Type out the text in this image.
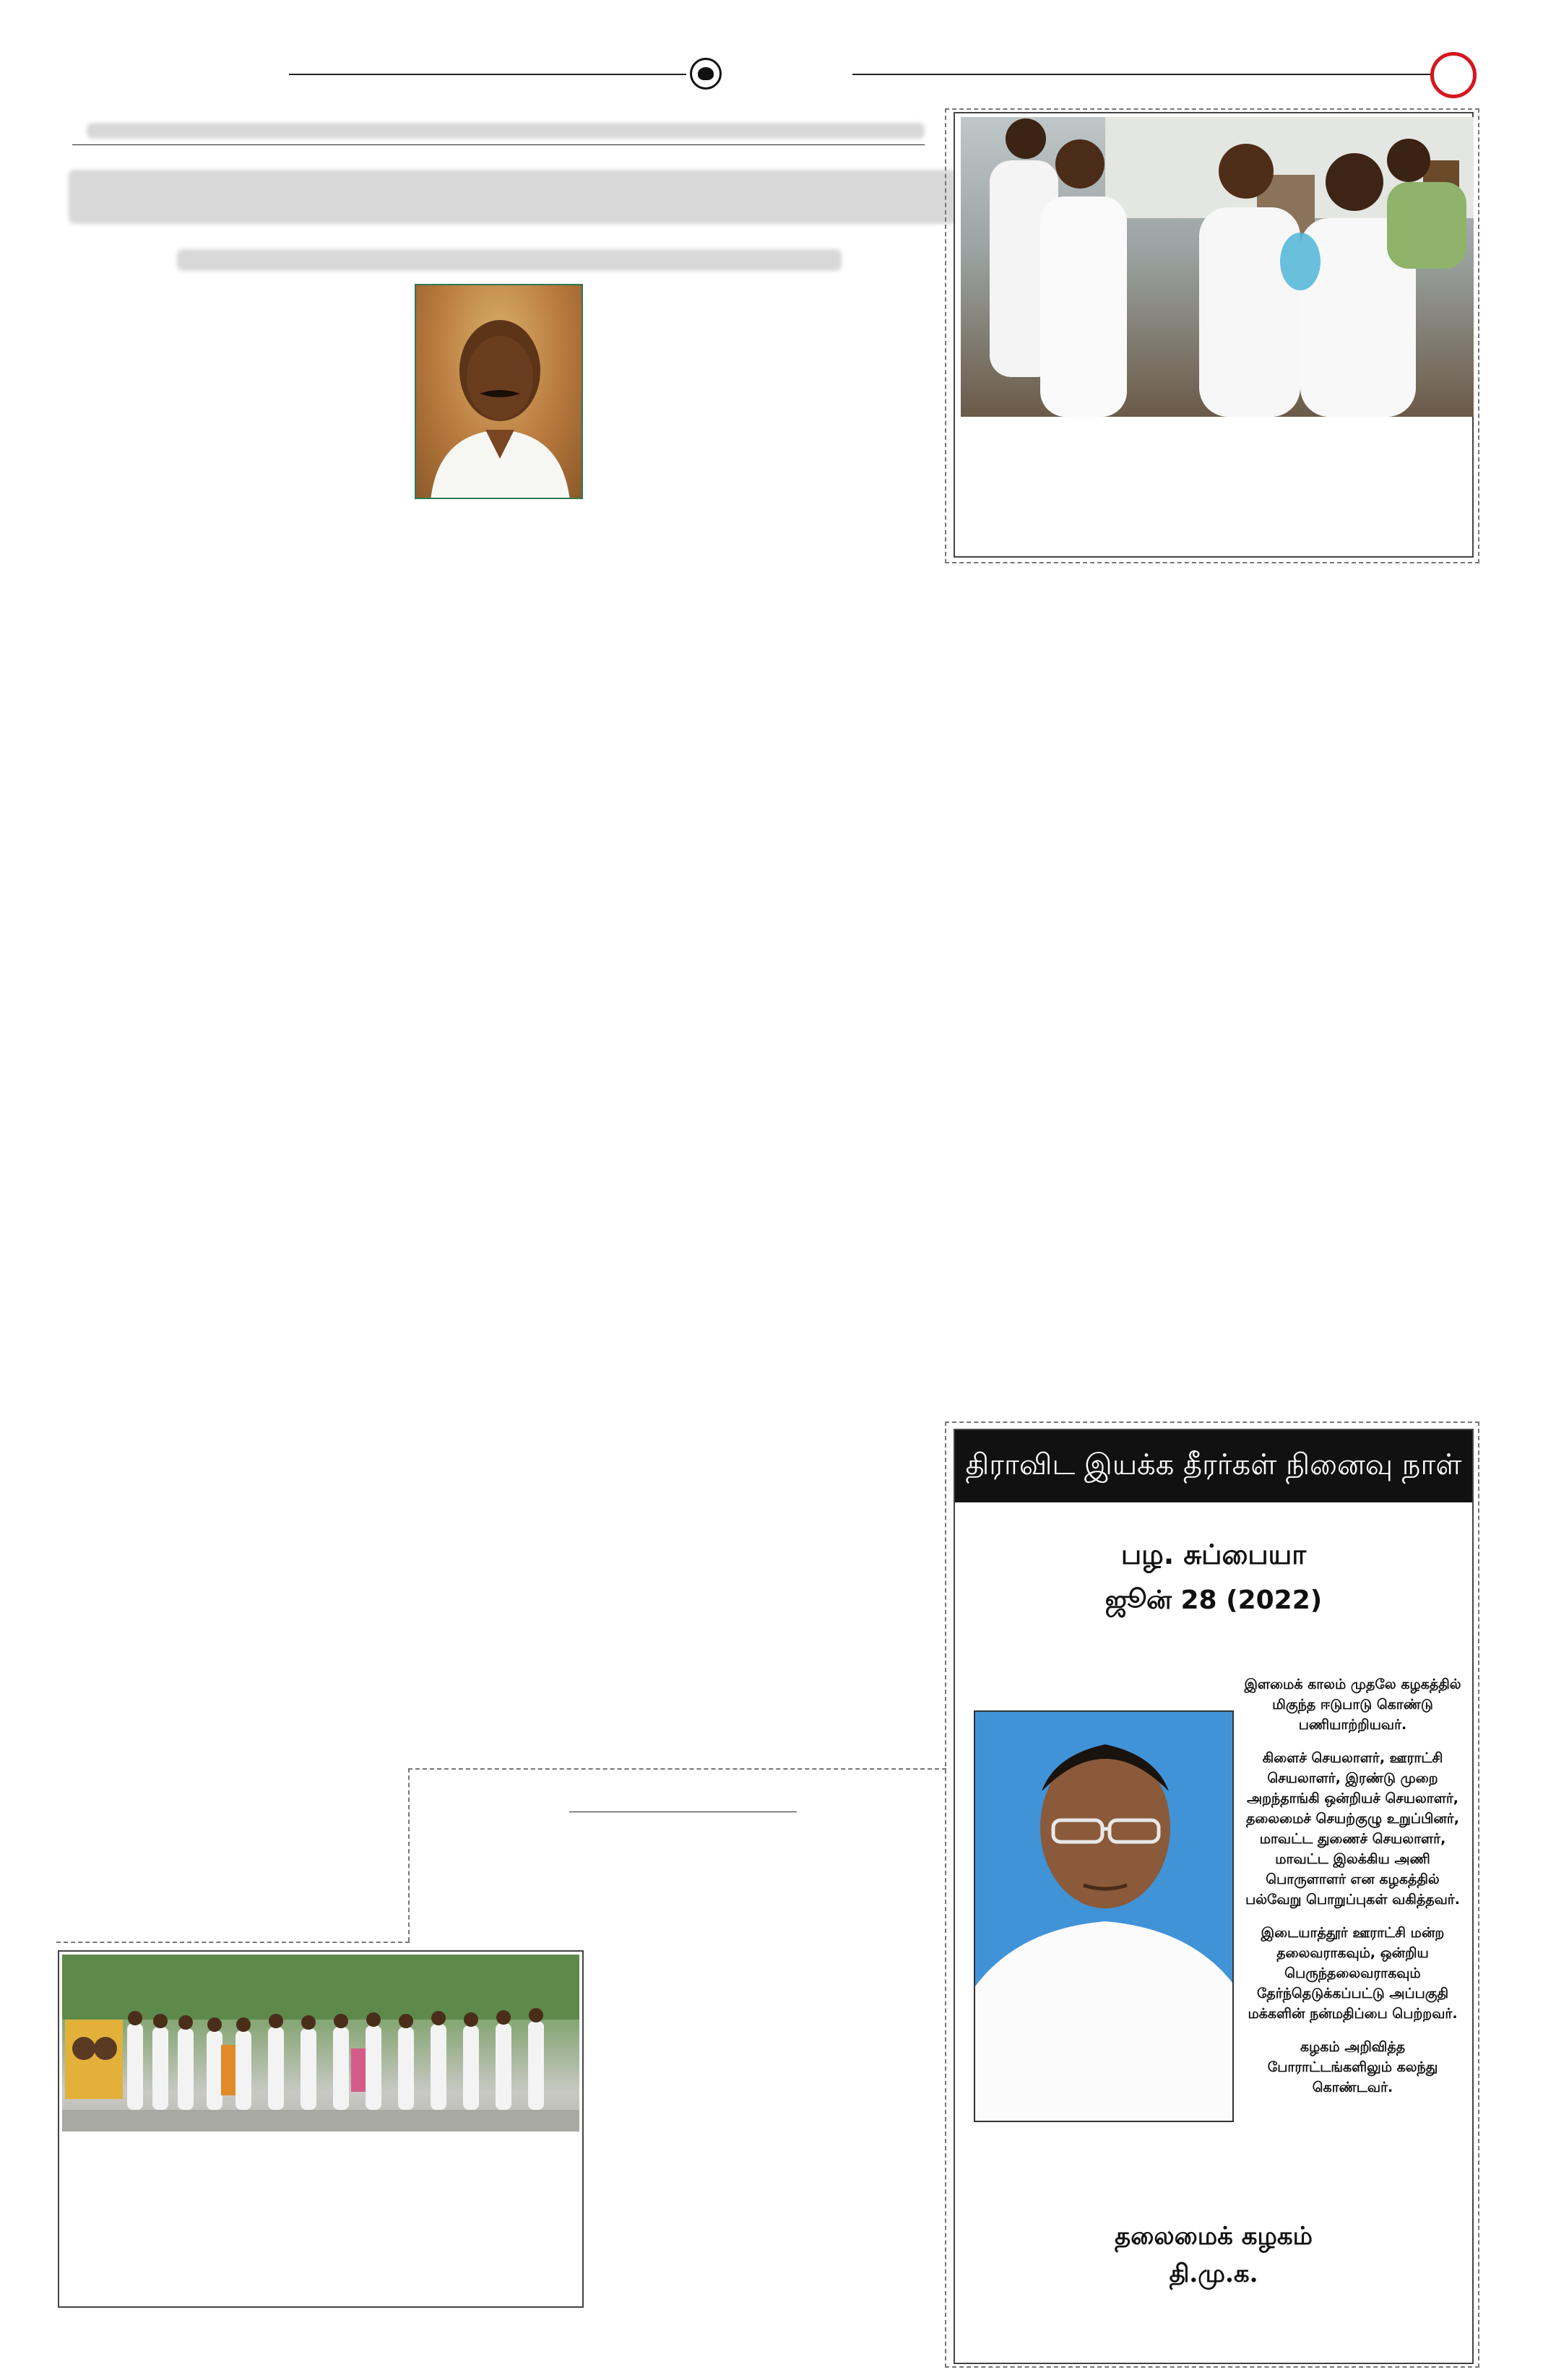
திராவிட இயக்க தீரர்கள் நினைவு நாள்
பழ. சுப்பையா
ஜூன் 28 (2022)

இளமைக் காலம் முதலே கழகத்தில் மிகுந்த ஈடுபாடு கொண்டு பணியாற்றியவர்.

கிளைச் செயலாளர், ஊராட்சி செயலாளர், இரண்டு முறை அறந்தாங்கி ஒன்றியச் செயலாளர், தலைமைச் செயற்குழு உறுப்பினர், மாவட்ட துணைச் செயலாளர், மாவட்ட இலக்கிய அணி பொருளாளர் என கழகத்தில் பல்வேறு பொறுப்புகள் வகித்தவர்.

இடையாத்தூர் ஊராட்சி மன்ற தலைவராகவும், ஒன்றிய பெருந்தலைவராகவும் தேர்ந்தெடுக்கப்பட்டு அப்பகுதி மக்களின் நன்மதிப்பை பெற்றவர்.

கழகம் அறிவித்த போராட்டங்களிலும் கலந்து கொண்டவர்.

தலைமைக் கழகம்
தி.மு.க.
